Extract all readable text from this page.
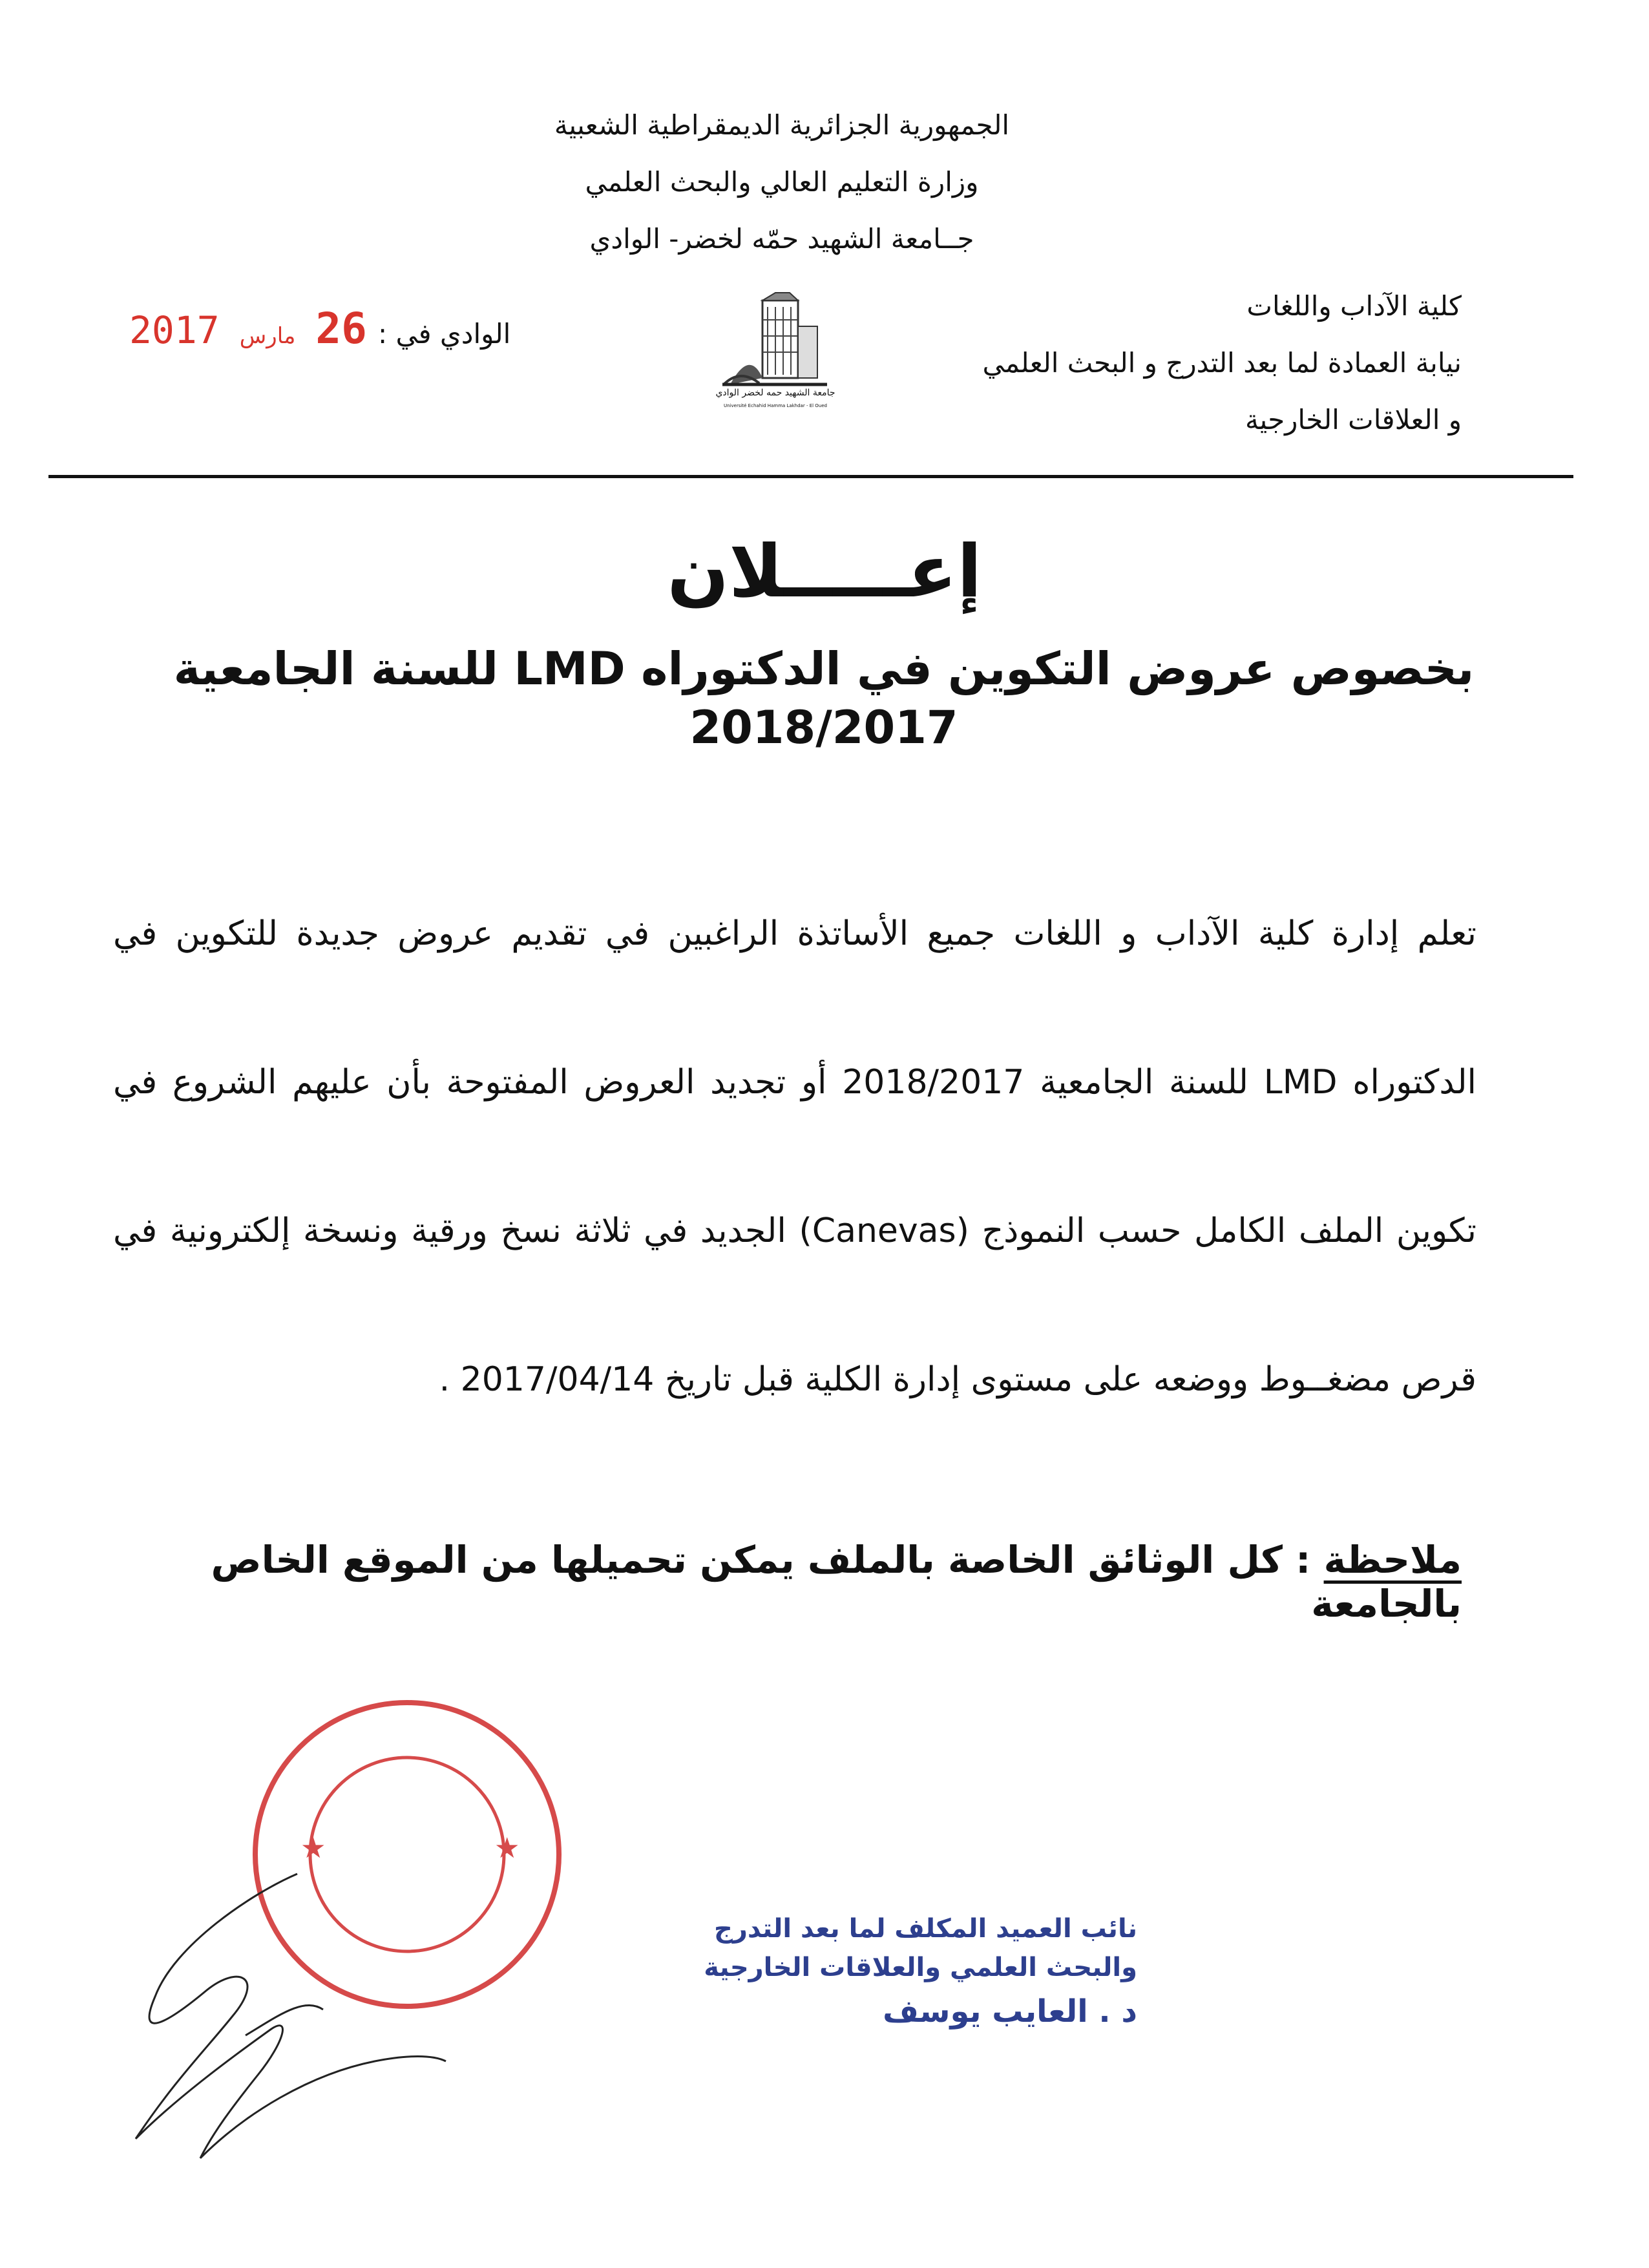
الجمهورية الجزائرية الديمقراطية الشعبية
وزارة التعليم العالي والبحث العلمي
جــامعة الشهيد حمّه لخضر- الوادي
كلية الآداب واللغات
نيابة العمادة لما بعد التدرج و البحث العلمي
و العلاقات الخارجية
جامعة الشهيد حمه لخضر الوادي
Université Echahid Hamma Lakhdar - El Oued
الوادي في : 26 مارس 2017
إعـــــلان
بخصوص عروض التكوين في الدكتوراه LMD للسنة الجامعية
2018/2017
تعلم إدارة كلية الآداب و اللغات جميع الأساتذة الراغبين في تقديم عروض جديدة للتكوين في الدكتوراه LMD للسنة الجامعية 2018/2017 أو تجديد العروض المفتوحة بأن عليهم الشروع في تكوين الملف الكامل حسب النموذج (Canevas) الجديد في ثلاثة نسخ ورقية ونسخة إلكترونية في قرص مضغــوط ووضعه على مستوى إدارة الكلية قبل تاريخ 2017/04/14 .
ملاحظة : كل الوثائق الخاصة بالملف يمكن تحميلها من الموقع الخاص بالجامعة
★	★
نائب العميد المكلف لما بعد التدرج
والبحث العلمي والعلاقات الخارجية
د . العايب يوسف
